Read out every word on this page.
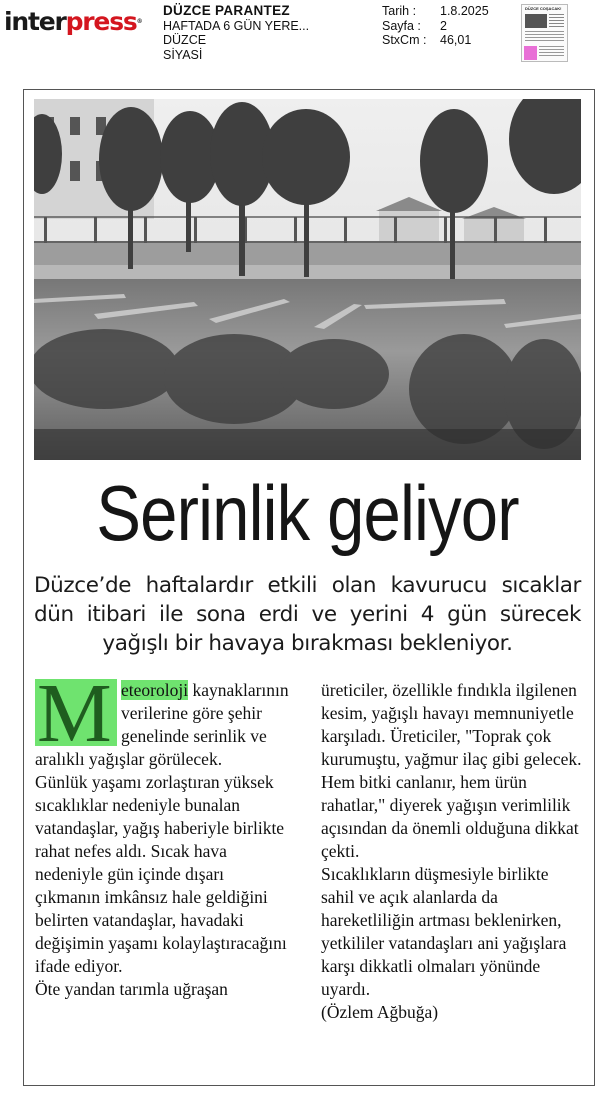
interpress®
DÜZCE PARANTEZ
HAFTADA 6 GÜN YERE...
DÜZCE
SİYASİ
Tarih :	1.8.2025
Sayfa :	2
StxCm :	46,01
DÜZCE COŞACAK!
Serinlik geliyor
Düzce’de haftalardır etkili olan kavurucu sıcaklar dün itibari ile sona erdi ve yerini 4 gün sürecek yağışlı bir havaya bırakması bekleniyor.

M eteoroloji kaynaklarının verilerine göre şehir genelinde serinlik ve aralıklı yağışlar görülecek.

Günlük yaşamı zorlaştıran yüksek sıcaklıklar nedeniyle bunalan vatandaşlar, yağış haberiyle birlikte rahat nefes aldı. Sıcak hava nedeniyle gün içinde dışarı çıkmanın imkânsız hale geldiğini belirten vatandaşlar, havadaki değişimin yaşamı kolaylaştıracağını ifade ediyor.

Öte yandan tarımla uğraşan

üreticiler, özellikle fındıkla ilgilenen kesim, yağışlı havayı memnuniyetle karşıladı. Üreticiler, "Toprak çok kurumuştu, yağmur ilaç gibi gelecek. Hem bitki canlanır, hem ürün rahatlar," diyerek yağışın verimlilik açısından da önemli olduğuna dikkat çekti.

Sıcaklıkların düşmesiyle birlikte sahil ve açık alanlarda da hareketliliğin artması beklenirken, yetkililer vatandaşları ani yağışlara karşı dikkatli olmaları yönünde uyardı.

(Özlem Ağbuğa)
